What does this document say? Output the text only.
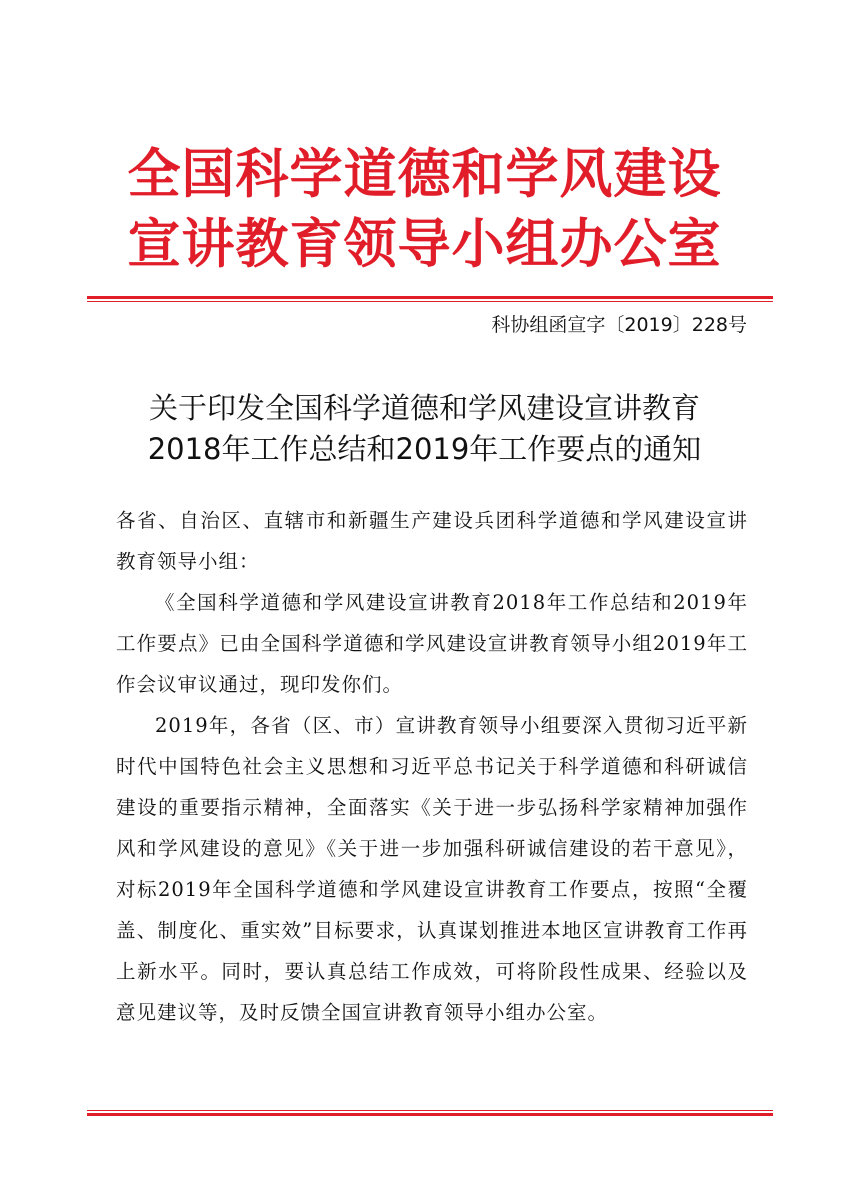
全国科学道德和学风建设
宣讲教育领导小组办公室
科协组函宣字〔2019〕228号
关于印发全国科学道德和学风建设宣讲教育
2018年工作总结和2019年工作要点的通知

各省、自治区、直辖市和新疆生产建设兵团科学道德和学风建设宣讲教育领导小组：

《全国科学道德和学风建设宣讲教育2018年工作总结和2019年工作要点》已由全国科学道德和学风建设宣讲教育领导小组2019年工作会议审议通过，现印发你们。

2019年，各省（区、市）宣讲教育领导小组要深入贯彻习近平新时代中国特色社会主义思想和习近平总书记关于科学道德和科研诚信建设的重要指示精神，全面落实《关于进一步弘扬科学家精神加强作风和学风建设的意见》《关于进一步加强科研诚信建设的若干意见》，对标2019年全国科学道德和学风建设宣讲教育工作要点，按照“全覆盖、制度化、重实效”目标要求，认真谋划推进本地区宣讲教育工作再上新水平。同时，要认真总结工作成效，可将阶段性成果、经验以及意见建议等，及时反馈全国宣讲教育领导小组办公室。
